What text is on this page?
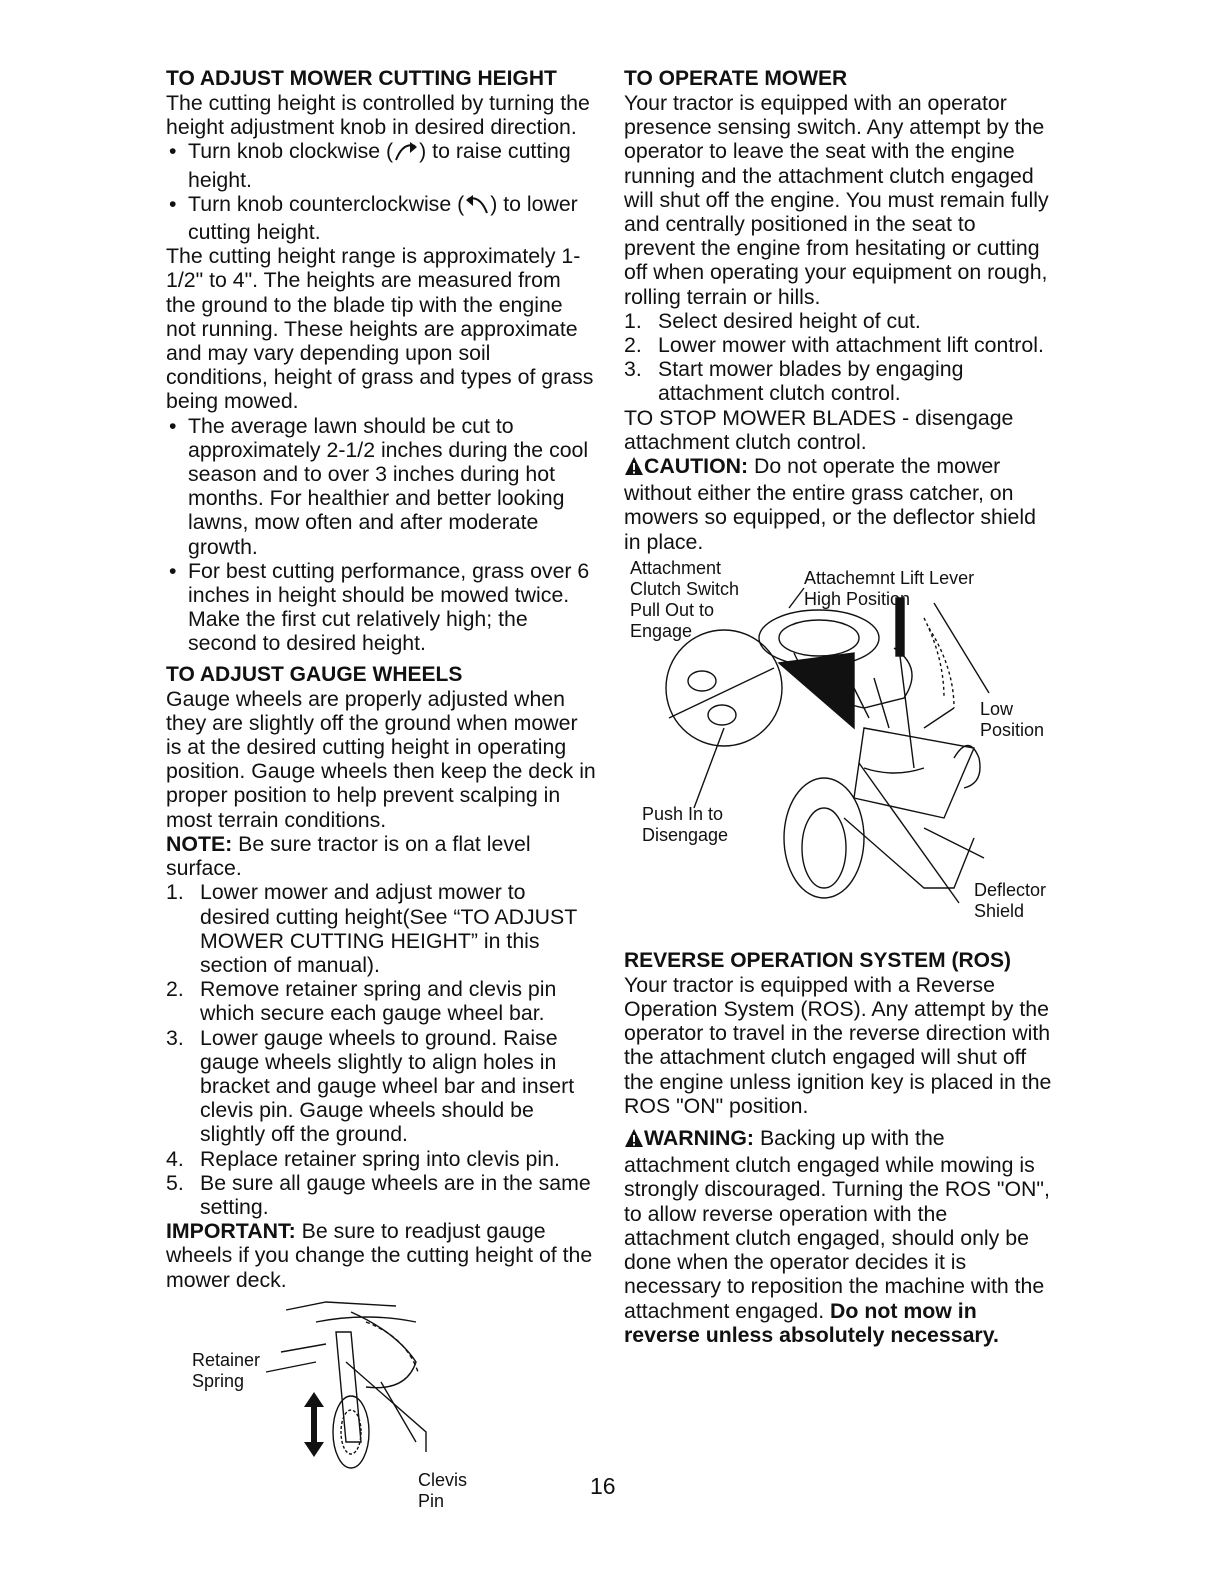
TO ADJUST MOWER CUTTING HEIGHT

The cutting height is controlled by turning the height adjustment knob in desired direction.

• Turn knob clockwise ( ) to raise cutting height.
• Turn knob counterclockwise ( ) to lower cutting height.

The cutting height range is approximately 1-1/2" to 4". The heights are measured from the ground to the blade tip with the engine not running. These heights are approximate and may vary depending upon soil conditions, height of grass and types of grass being mowed.

• The average lawn should be cut to approximately 2-1/2 inches during the cool season and to over 3 inches during hot months. For healthier and better looking lawns, mow often and after moderate growth.
• For best cutting performance, grass over 6 inches in height should be mowed twice. Make the first cut relatively high; the second to desired height.

TO ADJUST GAUGE WHEELS

Gauge wheels are properly adjusted when they are slightly off the ground when mower is at the desired cutting height in operating position. Gauge wheels then keep the deck in proper position to help prevent scalping in most terrain conditions.

NOTE: Be sure tractor is on a flat level surface.

1. Lower mower and adjust mower to desired cutting height(See “TO ADJUST MOWER CUTTING HEIGHT” in this section of manual).
2. Remove retainer spring and clevis pin which secure each gauge wheel bar.
3. Lower gauge wheels to ground. Raise gauge wheels slightly to align holes in bracket and gauge wheel bar and insert clevis pin. Gauge wheels should be slightly off the ground.
4. Replace retainer spring into clevis pin.
5. Be sure all gauge wheels are in the same setting.

IMPORTANT: Be sure to readjust gauge wheels if you change the cutting height of the mower deck.

Retainer
Spring
Clevis
Pin

TO OPERATE MOWER

Your tractor is equipped with an operator presence sensing switch. Any attempt by the operator to leave the seat with the engine running and the attachment clutch engaged will shut off the engine. You must remain fully and centrally positioned in the seat to prevent the engine from hesitating or cutting off when operating your equipment on rough, rolling terrain or hills.

1. Select desired height of cut.
2. Lower mower with attachment lift control.
3. Start mower blades by engaging attachment clutch control.

TO STOP MOWER BLADES - disengage attachment clutch control.

CAUTION: Do not operate the mower without either the entire grass catcher, on mowers so equipped, or the deflector shield in place.

Attachment
Clutch Switch
Pull Out to
Engage
Attachemnt Lift Lever
High Position
Low
Position
Push In to
Disengage
Deflector
Shield

REVERSE OPERATION SYSTEM (ROS)

Your tractor is equipped with a Reverse Operation System (ROS). Any attempt by the operator to travel in the reverse direction with the attachment clutch engaged will shut off the engine unless ignition key is placed in the ROS "ON" position.

WARNING: Backing up with the attachment clutch engaged while mowing is strongly discouraged. Turning the ROS "ON", to allow reverse operation with the attachment clutch engaged, should only be done when the operator decides it is necessary to reposition the machine with the attachment engaged. Do not mow in reverse unless absolutely necessary.

16
